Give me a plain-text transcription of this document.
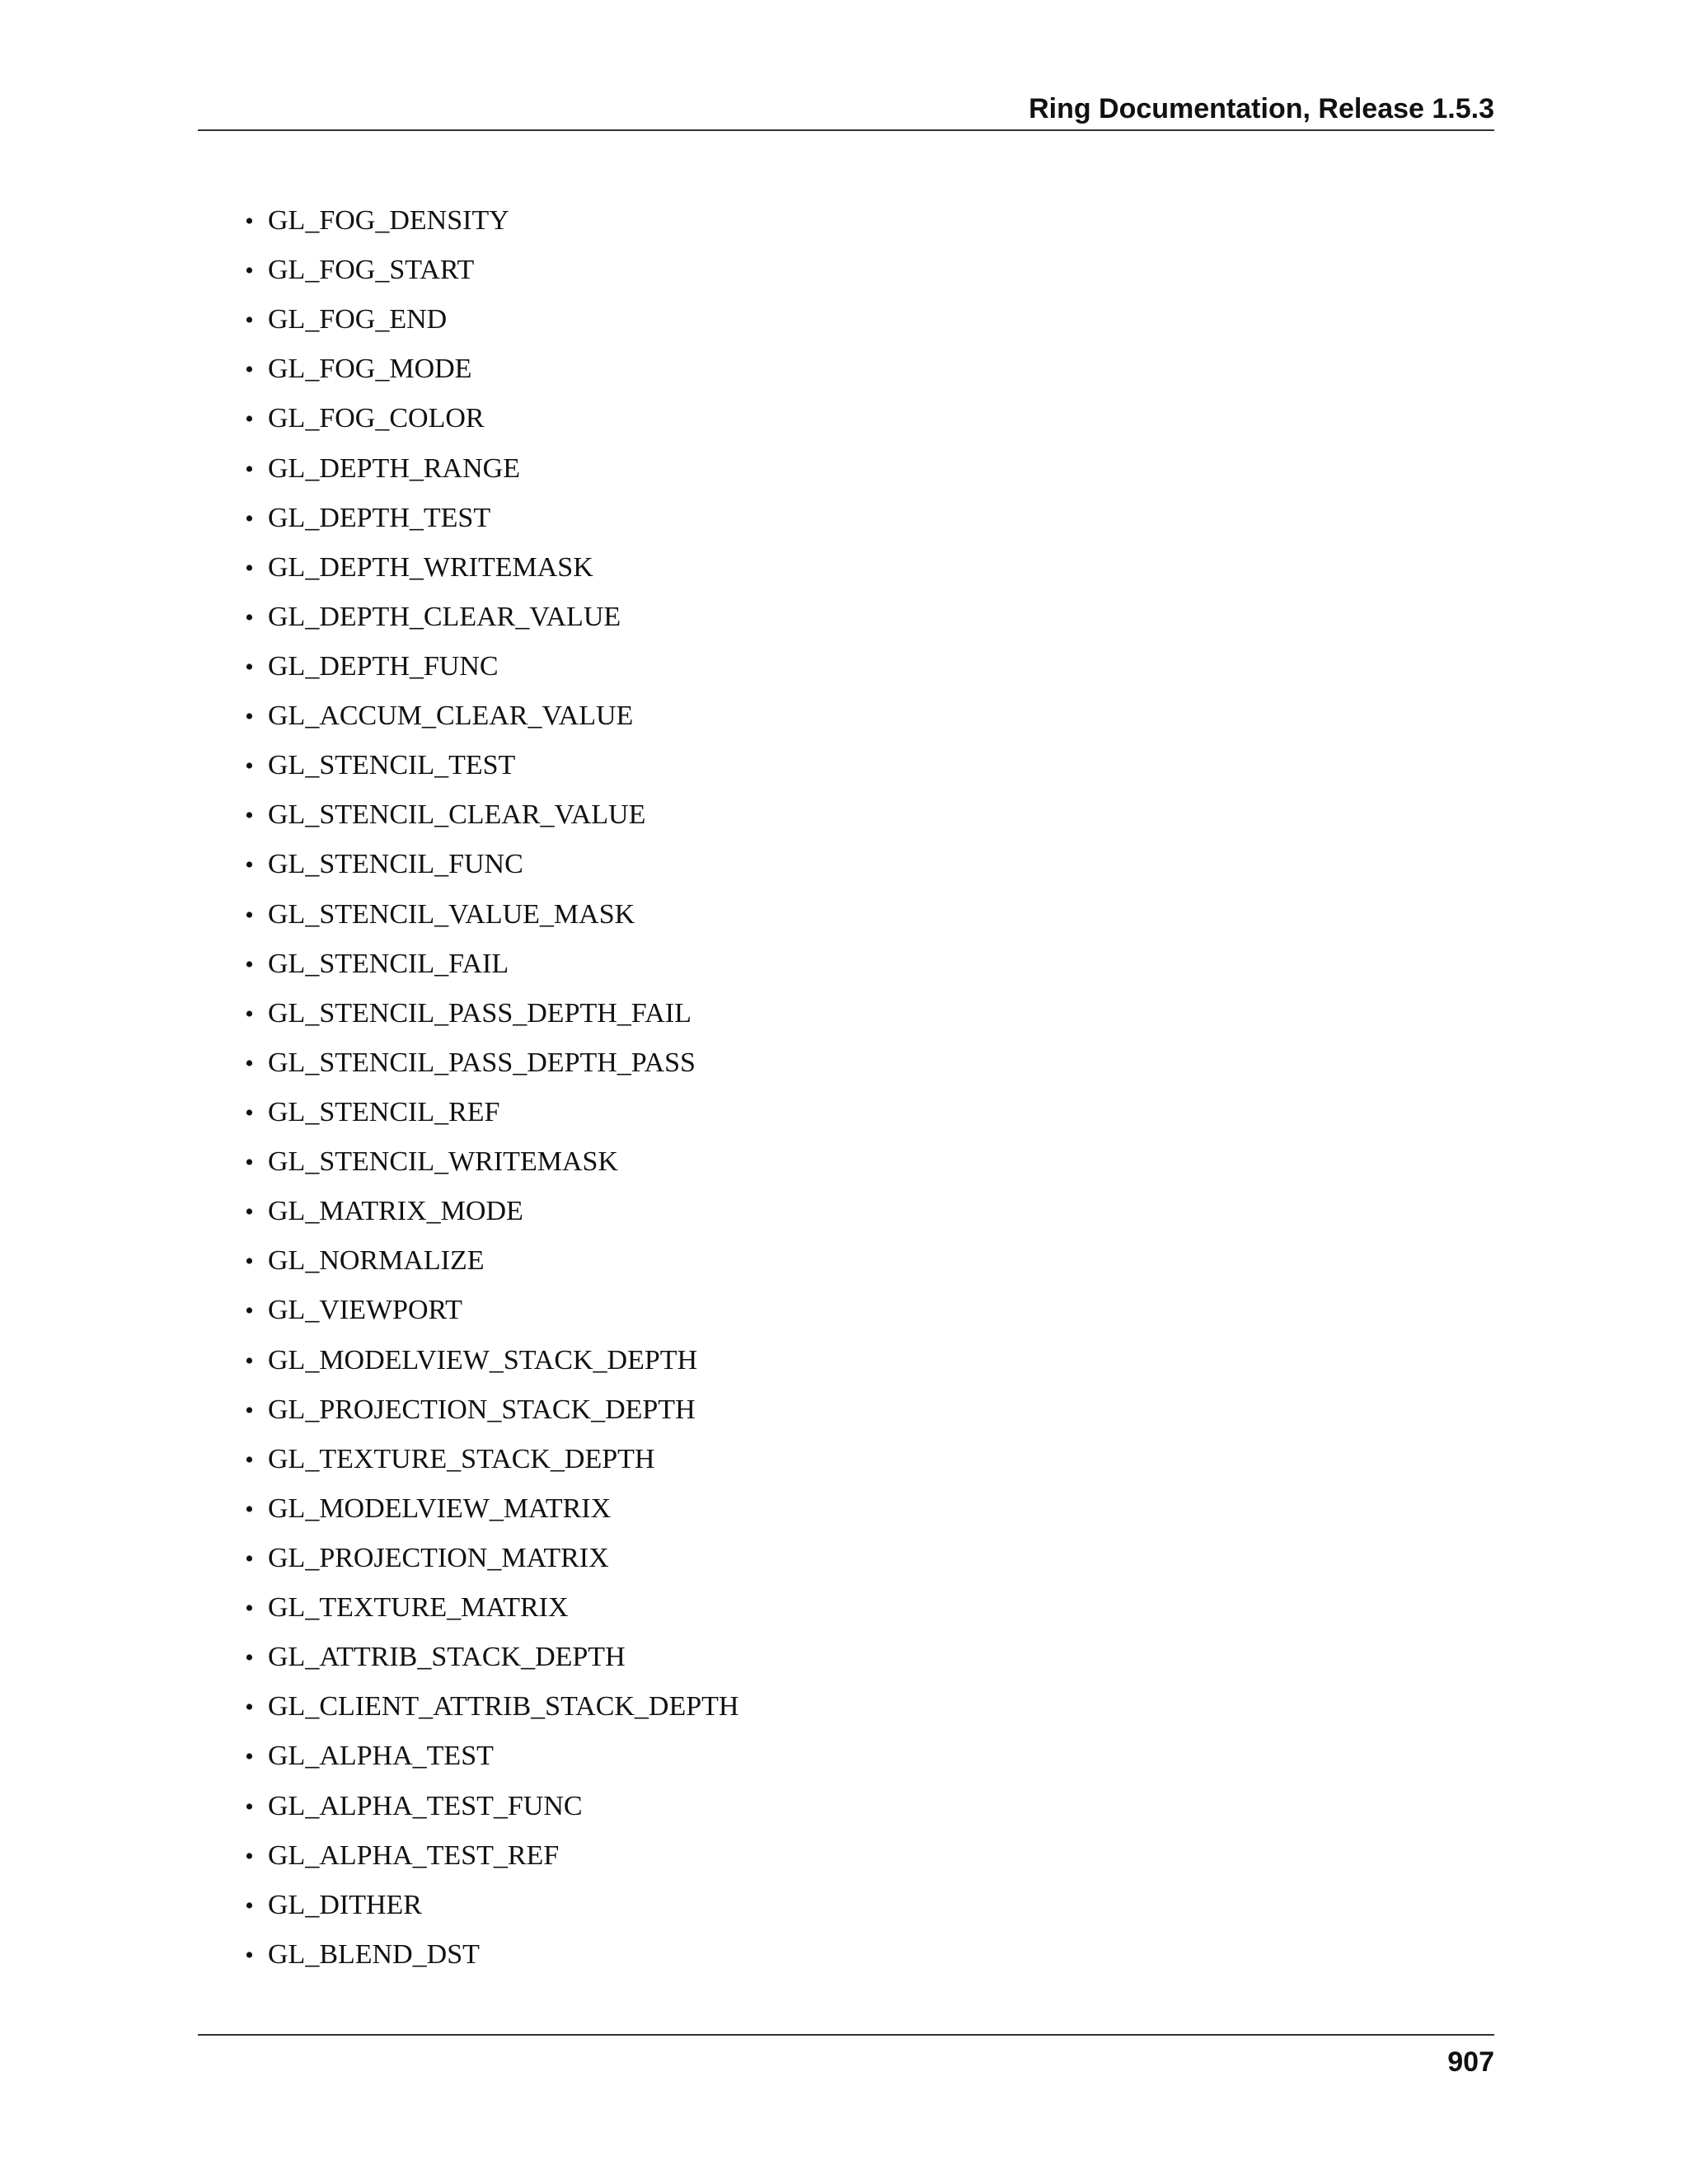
Ring Documentation, Release 1.5.3
• GL_FOG_DENSITY
• GL_FOG_START
• GL_FOG_END
• GL_FOG_MODE
• GL_FOG_COLOR
• GL_DEPTH_RANGE
• GL_DEPTH_TEST
• GL_DEPTH_WRITEMASK
• GL_DEPTH_CLEAR_VALUE
• GL_DEPTH_FUNC
• GL_ACCUM_CLEAR_VALUE
• GL_STENCIL_TEST
• GL_STENCIL_CLEAR_VALUE
• GL_STENCIL_FUNC
• GL_STENCIL_VALUE_MASK
• GL_STENCIL_FAIL
• GL_STENCIL_PASS_DEPTH_FAIL
• GL_STENCIL_PASS_DEPTH_PASS
• GL_STENCIL_REF
• GL_STENCIL_WRITEMASK
• GL_MATRIX_MODE
• GL_NORMALIZE
• GL_VIEWPORT
• GL_MODELVIEW_STACK_DEPTH
• GL_PROJECTION_STACK_DEPTH
• GL_TEXTURE_STACK_DEPTH
• GL_MODELVIEW_MATRIX
• GL_PROJECTION_MATRIX
• GL_TEXTURE_MATRIX
• GL_ATTRIB_STACK_DEPTH
• GL_CLIENT_ATTRIB_STACK_DEPTH
• GL_ALPHA_TEST
• GL_ALPHA_TEST_FUNC
• GL_ALPHA_TEST_REF
• GL_DITHER
• GL_BLEND_DST
907
